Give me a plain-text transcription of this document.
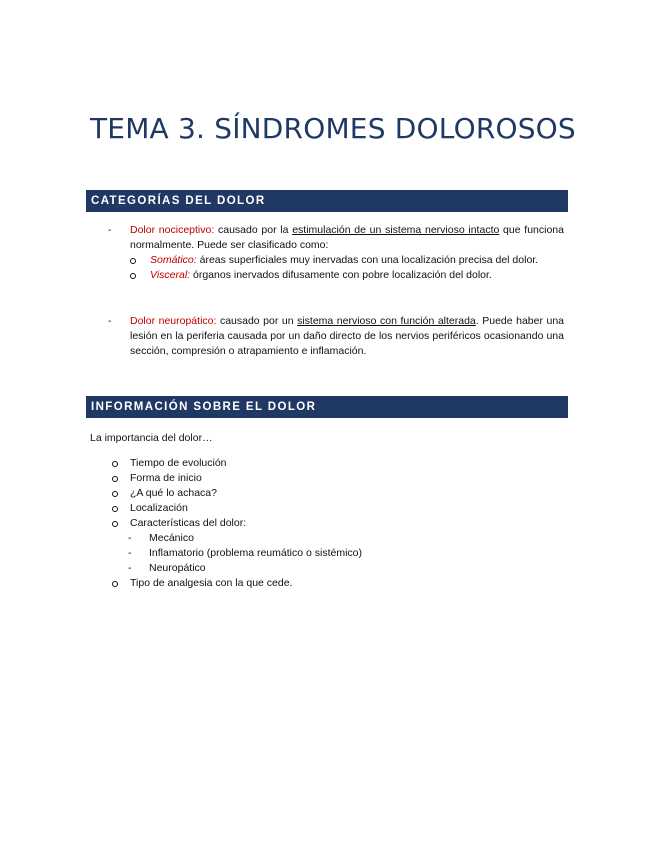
TEMA 3. SÍNDROMES DOLOROSOS
CATEGORÍAS DEL DOLOR
- Dolor nociceptivo: causado por la estimulación de un sistema nervioso intacto que funciona normalmente. Puede ser clasificado como:
Somático: áreas superficiales muy inervadas con una localización precisa del dolor.
Visceral: órganos inervados difusamente con pobre localización del dolor.
- Dolor neuropático: causado por un sistema nervioso con función alterada. Puede haber una lesión en la periferia causada por un daño directo de los nervios periféricos ocasionando una sección, compresión o atrapamiento e inflamación.
INFORMACIÓN SOBRE EL DOLOR
La importancia del dolor…
Tiempo de evolución
Forma de inicio
¿A qué lo achaca?
Localización
Características del dolor:
- Mecánico
- Inflamatorio (problema reumático o sistémico)
- Neuropático
Tipo de analgesia con la que cede.
